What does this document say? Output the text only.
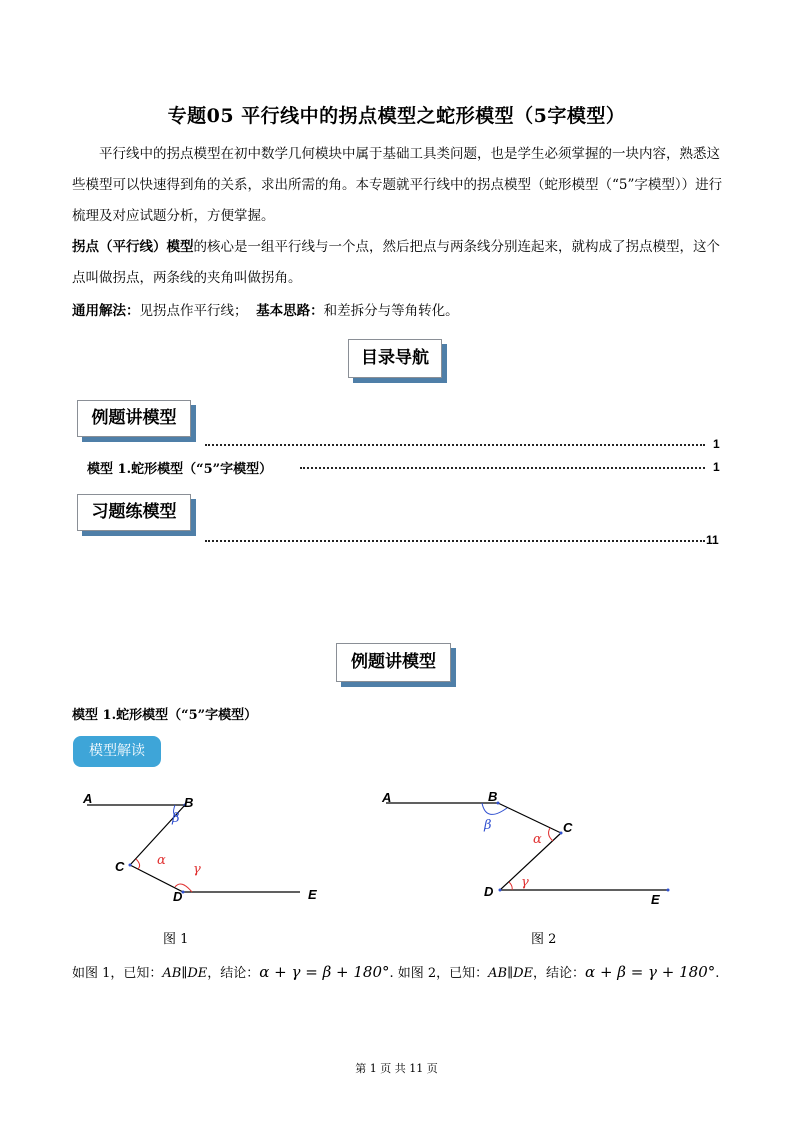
专题05 平行线中的拐点模型之蛇形模型（5字模型）
平行线中的拐点模型在初中数学几何模块中属于基础工具类问题，也是学生必须掌握的一块内容，熟悉这些模型可以快速得到角的关系，求出所需的角。本专题就平行线中的拐点模型（蛇形模型（“5”字模型））进行梳理及对应试题分析，方便掌握。
拐点（平行线）模型的核心是一组平行线与一个点，然后把点与两条线分别连起来，就构成了拐点模型，这个点叫做拐点，两条线的夹角叫做拐角。
通用解法：见拐点作平行线； 基本思路：和差拆分与等角转化。
目录导航
例题讲模型
1
模型 1.蛇形模型（“5”字模型）	1
习题练模型
11
例题讲模型
模型 1.蛇形模型（“5”字模型）
模型解读
A	B
C
D	E
β
α
γ
图 1
A	B
C
D
E
β
α
γ
图 2
如图 1，已知：AB∥DE，结论：α + γ = β + 180°. 如图 2，已知：AB∥DE，结论：α + β = γ + 180°.
第 1 页 共 11 页
